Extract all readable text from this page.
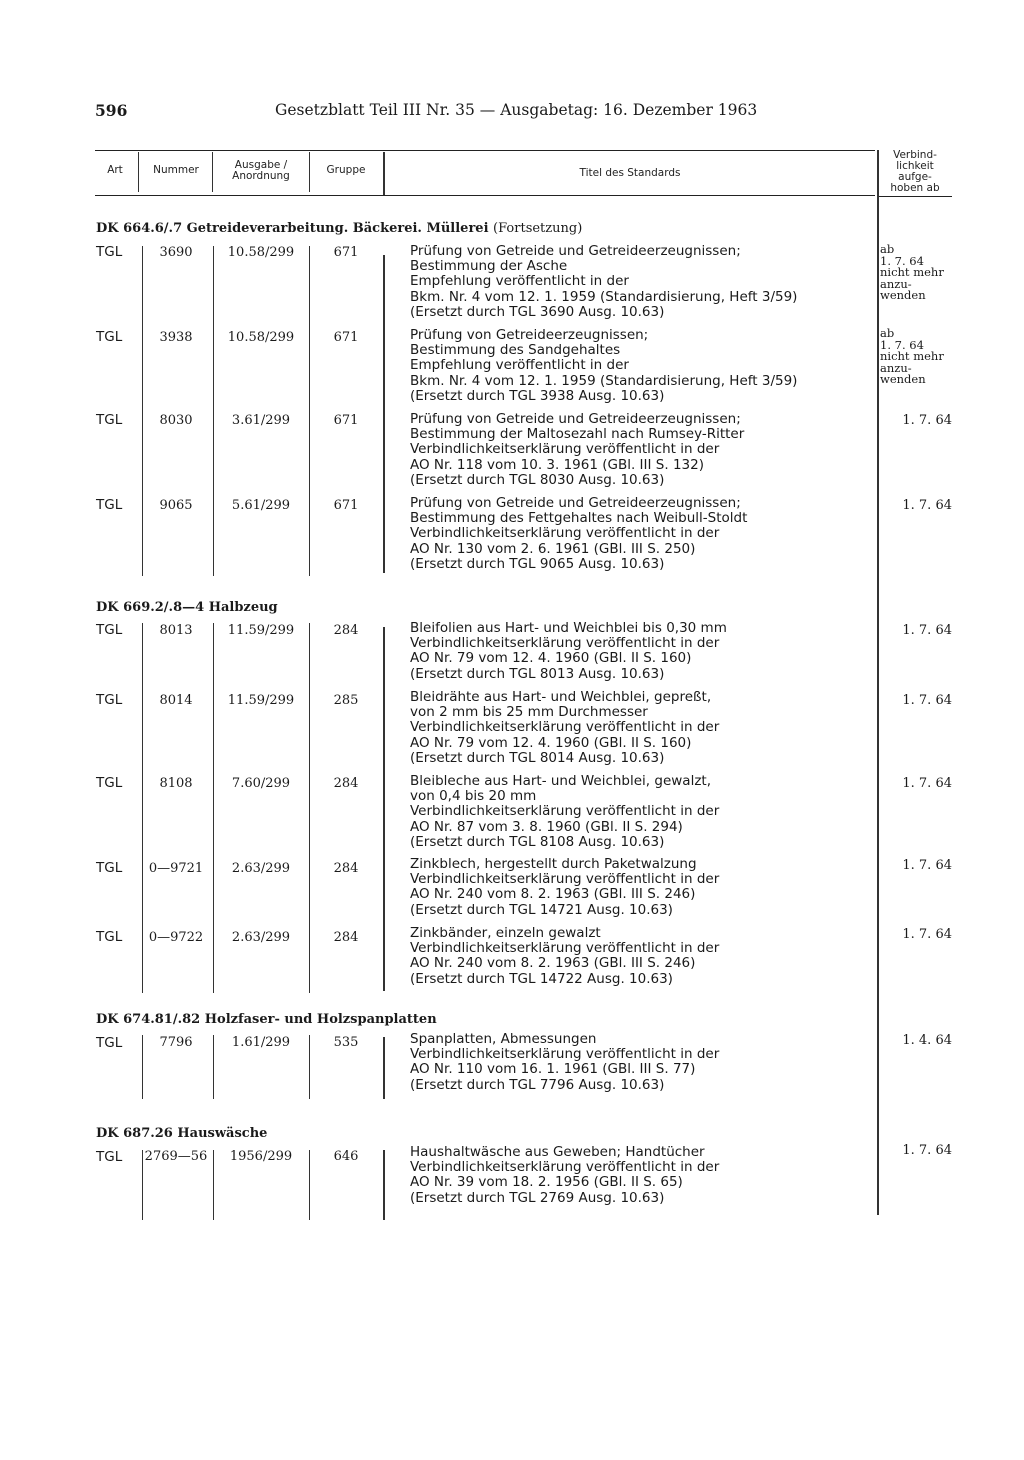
596	Gesetzblatt Teil III Nr. 35 — Ausgabetag: 16. Dezember 1963
Art	Nummer	Ausgabe /
Anordnung	Gruppe	Titel des Standards
Verbind-
lichkeit
aufge-
hoben ab
DK 664.6/.7 Getreideverarbeitung. Bäckerei. Müllerei (Fortsetzung)
TGL	3690	10.58/299	671	Prüfung von Getreide und Getreideerzeugnissen;
Bestimmung der Asche
Empfehlung veröffentlicht in der
Bkm. Nr. 4 vom 12. 1. 1959 (Standardisierung, Heft 3/59)
(Ersetzt durch TGL 3690 Ausg. 10.63)
ab
1. 7. 64
nicht mehr
anzu-
wenden
TGL	3938	10.58/299	671	Prüfung von Getreideerzeugnissen;
Bestimmung des Sandgehaltes
Empfehlung veröffentlicht in der
Bkm. Nr. 4 vom 12. 1. 1959 (Standardisierung, Heft 3/59)
(Ersetzt durch TGL 3938 Ausg. 10.63)
ab
1. 7. 64
nicht mehr
anzu-
wenden
TGL	8030	3.61/299	671	Prüfung von Getreide und Getreideerzeugnissen;
Bestimmung der Maltosezahl nach Rumsey-Ritter
Verbindlichkeitserklärung veröffentlicht in der
AO Nr. 118 vom 10. 3. 1961 (GBl. III S. 132)
(Ersetzt durch TGL 8030 Ausg. 10.63)
1. 7. 64
TGL	9065	5.61/299	671	Prüfung von Getreide und Getreideerzeugnissen;
Bestimmung des Fettgehaltes nach Weibull-Stoldt
Verbindlichkeitserklärung veröffentlicht in der
AO Nr. 130 vom 2. 6. 1961 (GBl. III S. 250)
(Ersetzt durch TGL 9065 Ausg. 10.63)
1. 7. 64
DK 669.2/.8—4 Halbzeug
TGL	8013	11.59/299	284	Bleifolien aus Hart- und Weichblei bis 0,30 mm
Verbindlichkeitserklärung veröffentlicht in der
AO Nr. 79 vom 12. 4. 1960 (GBl. II S. 160)
(Ersetzt durch TGL 8013 Ausg. 10.63)
1. 7. 64
TGL	8014	11.59/299	285	Bleidrähte aus Hart- und Weichblei, gepreßt,
von 2 mm bis 25 mm Durchmesser
Verbindlichkeitserklärung veröffentlicht in der
AO Nr. 79 vom 12. 4. 1960 (GBl. II S. 160)
(Ersetzt durch TGL 8014 Ausg. 10.63)
1. 7. 64
TGL	8108	7.60/299	284	Bleibleche aus Hart- und Weichblei, gewalzt,
von 0,4 bis 20 mm
Verbindlichkeitserklärung veröffentlicht in der
AO Nr. 87 vom 3. 8. 1960 (GBl. II S. 294)
(Ersetzt durch TGL 8108 Ausg. 10.63)
1. 7. 64
TGL	0—9721	2.63/299	284	Zinkblech, hergestellt durch Paketwalzung
Verbindlichkeitserklärung veröffentlicht in der
AO Nr. 240 vom 8. 2. 1963 (GBl. III S. 246)
(Ersetzt durch TGL 14721 Ausg. 10.63)
1. 7. 64
TGL	0—9722	2.63/299	284	Zinkbänder, einzeln gewalzt
Verbindlichkeitserklärung veröffentlicht in der
AO Nr. 240 vom 8. 2. 1963 (GBl. III S. 246)
(Ersetzt durch TGL 14722 Ausg. 10.63)
1. 7. 64
DK 674.81/.82 Holzfaser- und Holzspanplatten
TGL	7796	1.61/299	535	Spanplatten, Abmessungen
Verbindlichkeitserklärung veröffentlicht in der
AO Nr. 110 vom 16. 1. 1961 (GBl. III S. 77)
(Ersetzt durch TGL 7796 Ausg. 10.63)
1. 4. 64
DK 687.26 Hauswäsche
TGL	2769—56	1956/299	646	Haushaltwäsche aus Geweben; Handtücher
Verbindlichkeitserklärung veröffentlicht in der
AO Nr. 39 vom 18. 2. 1956 (GBl. II S. 65)
(Ersetzt durch TGL 2769 Ausg. 10.63)
1. 7. 64
